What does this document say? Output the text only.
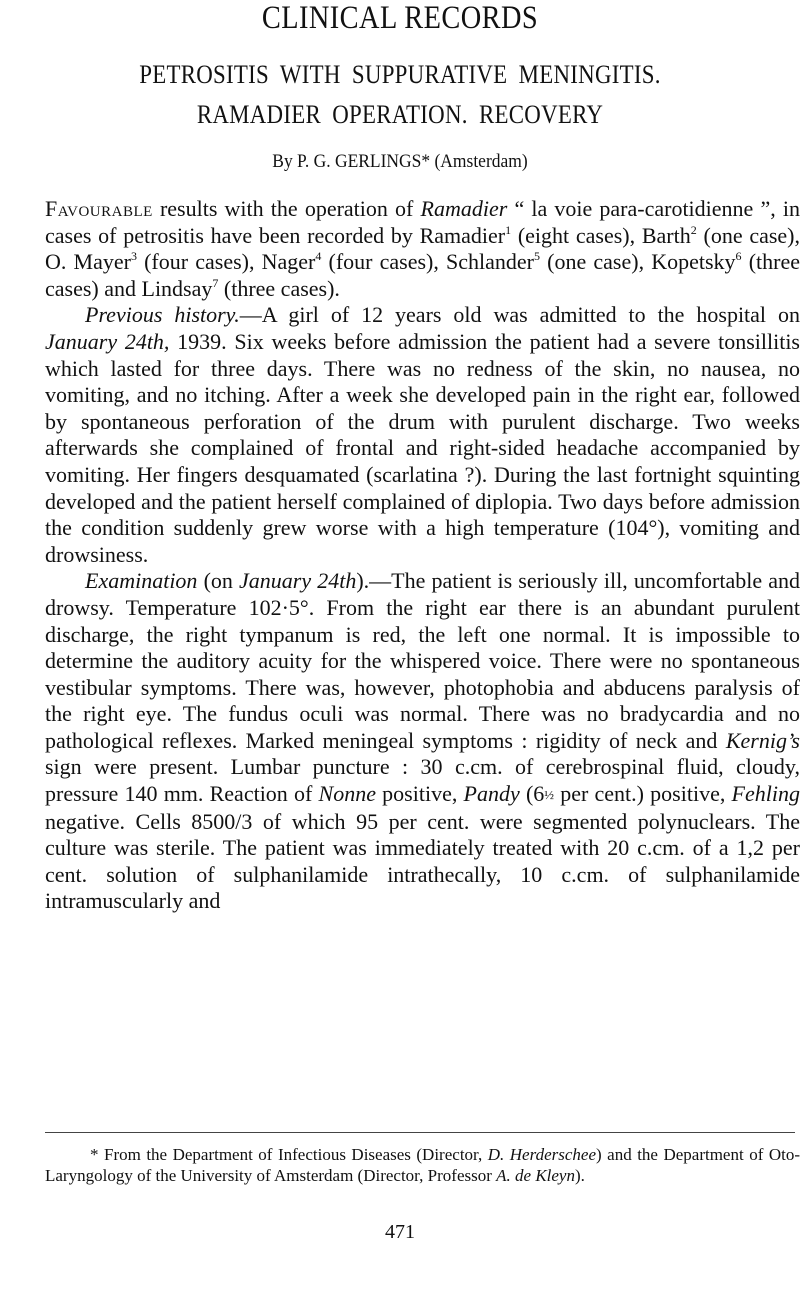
CLINICAL RECORDS
PETROSITIS WITH SUPPURATIVE MENINGITIS.
RAMADIER OPERATION. RECOVERY
By P. G. GERLINGS* (Amsterdam)

Favourable results with the operation of Ramadier “ la voie para-carotidienne ”, in cases of petrositis have been recorded by Ramadier$^1$ (eight cases), Barth$^2$ (one case), O. Mayer$^3$ (four cases), Nager$^4$ (four cases), Schlander$^5$ (one case), Kopetsky$^6$ (three cases) and Lindsay$^7$ (three cases).

Previous history.—A girl of 12 years old was admitted to the hospital on January 24th, 1939. Six weeks before admission the patient had a severe tonsillitis which lasted for three days. There was no redness of the skin, no nausea, no vomiting, and no itching. After a week she developed pain in the right ear, followed by spontaneous perforation of the drum with purulent discharge. Two weeks afterwards she complained of frontal and right-sided headache accompanied by vomiting. Her fingers desquamated (scarlatina ?). During the last fortnight squinting developed and the patient herself complained of diplopia. Two days before admission the condition suddenly grew worse with a high temperature (104°), vomiting and drowsiness.

Examination (on January 24th).—The patient is seriously ill, uncomfortable and drowsy. Temperature 102·5°. From the right ear there is an abundant purulent discharge, the right tympanum is red, the left one normal. It is impossible to determine the auditory acuity for the whispered voice. There were no spontaneous vestibular symptoms. There was, however, photophobia and abducens paralysis of the right eye. The fundus oculi was normal. There was no bradycardia and no pathological reflexes. Marked meningeal symptoms : rigidity of neck and Kernig’s sign were present. Lumbar puncture : 30 c.cm. of cerebrospinal fluid, cloudy, pressure 140 mm. Reaction of Nonne positive, Pandy (6½ per cent.) positive, Fehling negative. Cells 8500/3 of which 95 per cent. were segmented polynuclears. The culture was sterile. The patient was immediately treated with 20 c.cm. of a 1,2 per cent. solution of sulphanilamide intrathecally, 10 c.cm. of sulphanilamide intramuscularly and

* From the Department of Infectious Diseases (Director, D. Herderschee) and the Department of Oto-Laryngology of the University of Amsterdam (Director, Professor A. de Kleyn).

471
